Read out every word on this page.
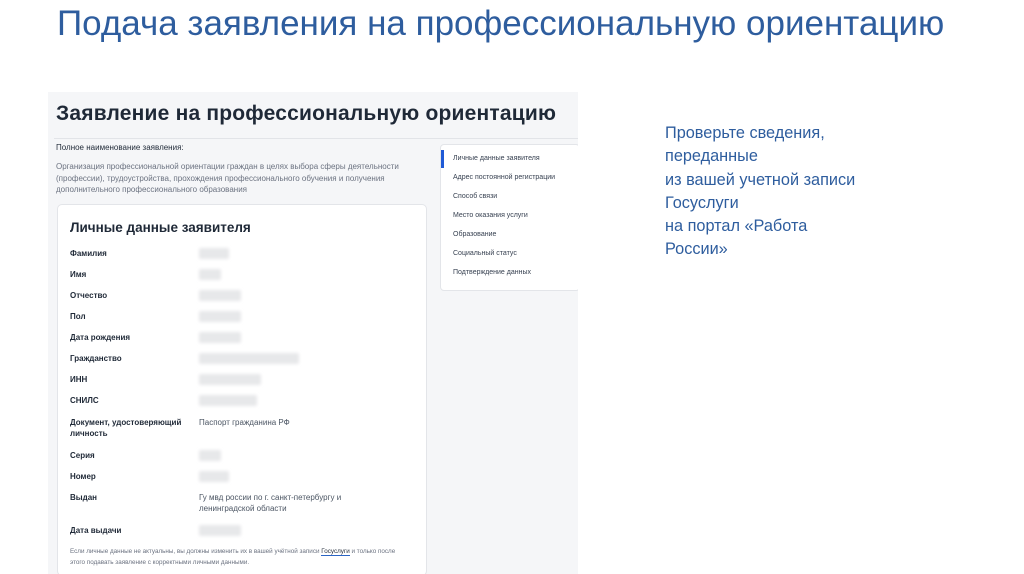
Подача заявления на профессиональную ориентацию
Заявление на профессиональную ориентацию
Полное наименование заявления:
Организация профессиональной ориентации граждан в целях выбора сферы деятельности (профессии), трудоустройства, прохождения профессионального обучения и получения дополнительного профессионального образования
Личные данные заявителя
Фамилия
Имя
Отчество
Пол
Дата рождения
Гражданство
ИНН
СНИЛС
Документ, удостоверяющий личность
Паспорт гражданина РФ
Серия
Номер
Выдан	Гу мвд россии по г. санкт-петербургу и ленинградской области
Дата выдачи
Если личные данные не актуальны, вы должны изменить их в вашей учётной записи Госуслуги и только после этого подавать заявление с корректными личными данными.
Личные данные заявителя
Адрес постоянной регистрации
Способ связи
Место оказания услуги
Образование
Социальный статус
Подтверждение данных
Проверьте сведения,
переданные
из вашей учетной записи
Госуслуги
на портал «Работа
России»
